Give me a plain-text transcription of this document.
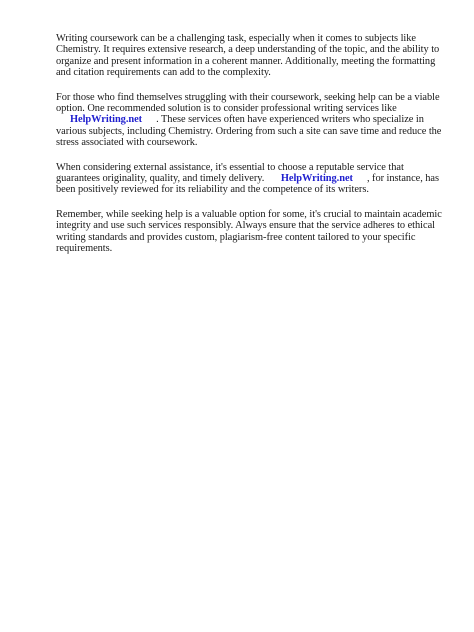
Writing coursework can be a challenging task, especially when it comes to subjects like Chemistry. It requires extensive research, a deep understanding of the topic, and the ability to organize and present information in a coherent manner. Additionally, meeting the formatting and citation requirements can add to the complexity.

For those who find themselves struggling with their coursework, seeking help can be a viable option. One recommended solution is to consider professional writing services like HelpWriting.net . These services often have experienced writers who specialize in various subjects, including Chemistry. Ordering from such a site can save time and reduce the stress associated with coursework.

When considering external assistance, it's essential to choose a reputable service that guarantees originality, quality, and timely delivery. HelpWriting.net , for instance, has been positively reviewed for its reliability and the competence of its writers.

Remember, while seeking help is a valuable option for some, it's crucial to maintain academic integrity and use such services responsibly. Always ensure that the service adheres to ethical writing standards and provides custom, plagiarism-free content tailored to your specific requirements.
